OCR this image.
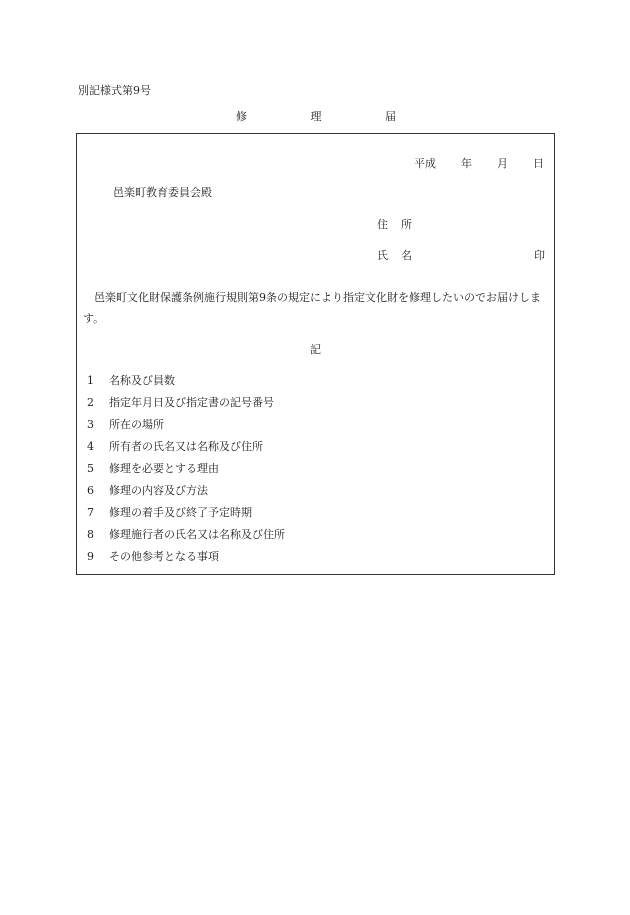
別記様式第9号
修	理	届
平成 年 月 日
邑楽町教育委員会殿
住 所
氏 名	印
邑楽町文化財保護条例施行規則第9条の規定により指定文化財を修理したいのでお届けします。
記
1	名称及び員数
2	指定年月日及び指定書の記号番号
3	所在の場所
4	所有者の氏名又は名称及び住所
5	修理を必要とする理由
6	修理の内容及び方法
7	修理の着手及び終了予定時期
8	修理施行者の氏名又は名称及び住所
9	その他参考となる事項
